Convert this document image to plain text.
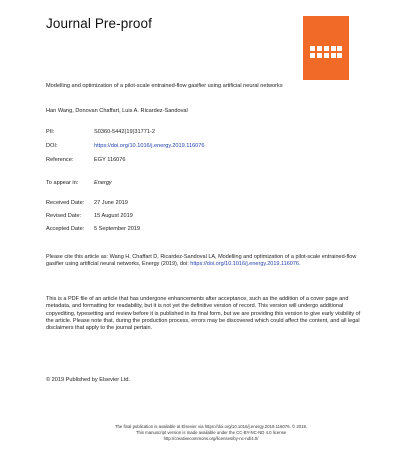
Journal Pre-proof
Modelling and optimization of a pilot-scale entrained-flow gasifier using artificial neural networks
Han Wang, Donovan Chaffart, Luis A. Ricardez-Sandoval
PII:	S0360-5442(19)31771-2
DOI:	https://doi.org/10.1016/j.energy.2019.116076
Reference:	EGY 116076
To appear in:	Energy
Received Date: 27 June 2019
Revised Date: 15 August 2019
Accepted Date: 5 September 2019
Please cite this article as: Wang H, Chaffart D, Ricardez-Sandoval LA, Modelling and optimization of a pilot-scale entrained-flow gasifier using artificial neural networks, Energy (2019), doi: https://doi.org/10.1016/j.energy.2019.116076.
This is a PDF file of an article that has undergone enhancements after acceptance, such as the addition of a cover page and metadata, and formatting for readability, but it is not yet the definitive version of record. This version will undergo additional copyediting, typesetting and review before it is published in its final form, but we are providing this version to give early visibility of the article. Please note that, during the production process, errors may be discovered which could affect the content, and all legal disclaimers that apply to the journal pertain.
© 2019 Published by Elsevier Ltd.
The final publication is available at Elsevier via https://doi.org/10.1016/j.energy.2019.116076. © 2019.
This manuscript version is made available under the CC-BY-NC-ND 4.0 license
http://creativecommons.org/licenses/by-nc-nd/4.0/
